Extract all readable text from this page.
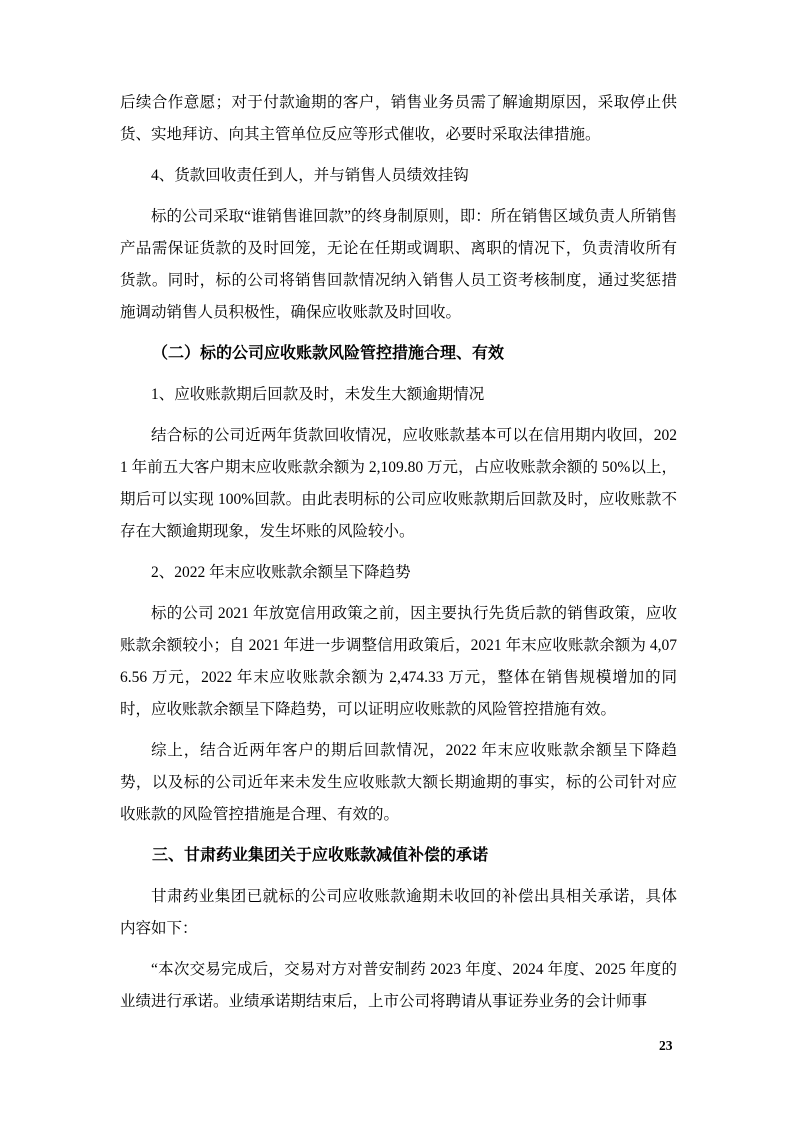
后续合作意愿；对于付款逾期的客户，销售业务员需了解逾期原因，采取停止供货、实地拜访、向其主管单位反应等形式催收，必要时采取法律措施。

4、货款回收责任到人，并与销售人员绩效挂钩

标的公司采取“谁销售谁回款”的终身制原则，即：所在销售区域负责人所销售产品需保证货款的及时回笼，无论在任期或调职、离职的情况下，负责清收所有货款。同时，标的公司将销售回款情况纳入销售人员工资考核制度，通过奖惩措施调动销售人员积极性，确保应收账款及时回收。

（二）标的公司应收账款风险管控措施合理、有效

1、应收账款期后回款及时，未发生大额逾期情况

结合标的公司近两年货款回收情况，应收账款基本可以在信用期内收回，2021 年前五大客户期末应收账款余额为 2,109.80 万元，占应收账款余额的 50%以上，期后可以实现 100%回款。由此表明标的公司应收账款期后回款及时，应收账款不存在大额逾期现象，发生坏账的风险较小。

2、2022 年末应收账款余额呈下降趋势

标的公司 2021 年放宽信用政策之前，因主要执行先货后款的销售政策，应收账款余额较小；自 2021 年进一步调整信用政策后，2021 年末应收账款余额为 4,076.56 万元，2022 年末应收账款余额为 2,474.33 万元，整体在销售规模增加的同时，应收账款余额呈下降趋势，可以证明应收账款的风险管控措施有效。

综上，结合近两年客户的期后回款情况，2022 年末应收账款余额呈下降趋势，以及标的公司近年来未发生应收账款大额长期逾期的事实，标的公司针对应收账款的风险管控措施是合理、有效的。

三、甘肃药业集团关于应收账款减值补偿的承诺

甘肃药业集团已就标的公司应收账款逾期未收回的补偿出具相关承诺，具体内容如下：

“本次交易完成后，交易对方对普安制药 2023 年度、2024 年度、2025 年度的业绩进行承诺。业绩承诺期结束后，上市公司将聘请从事证券业务的会计师事

23
